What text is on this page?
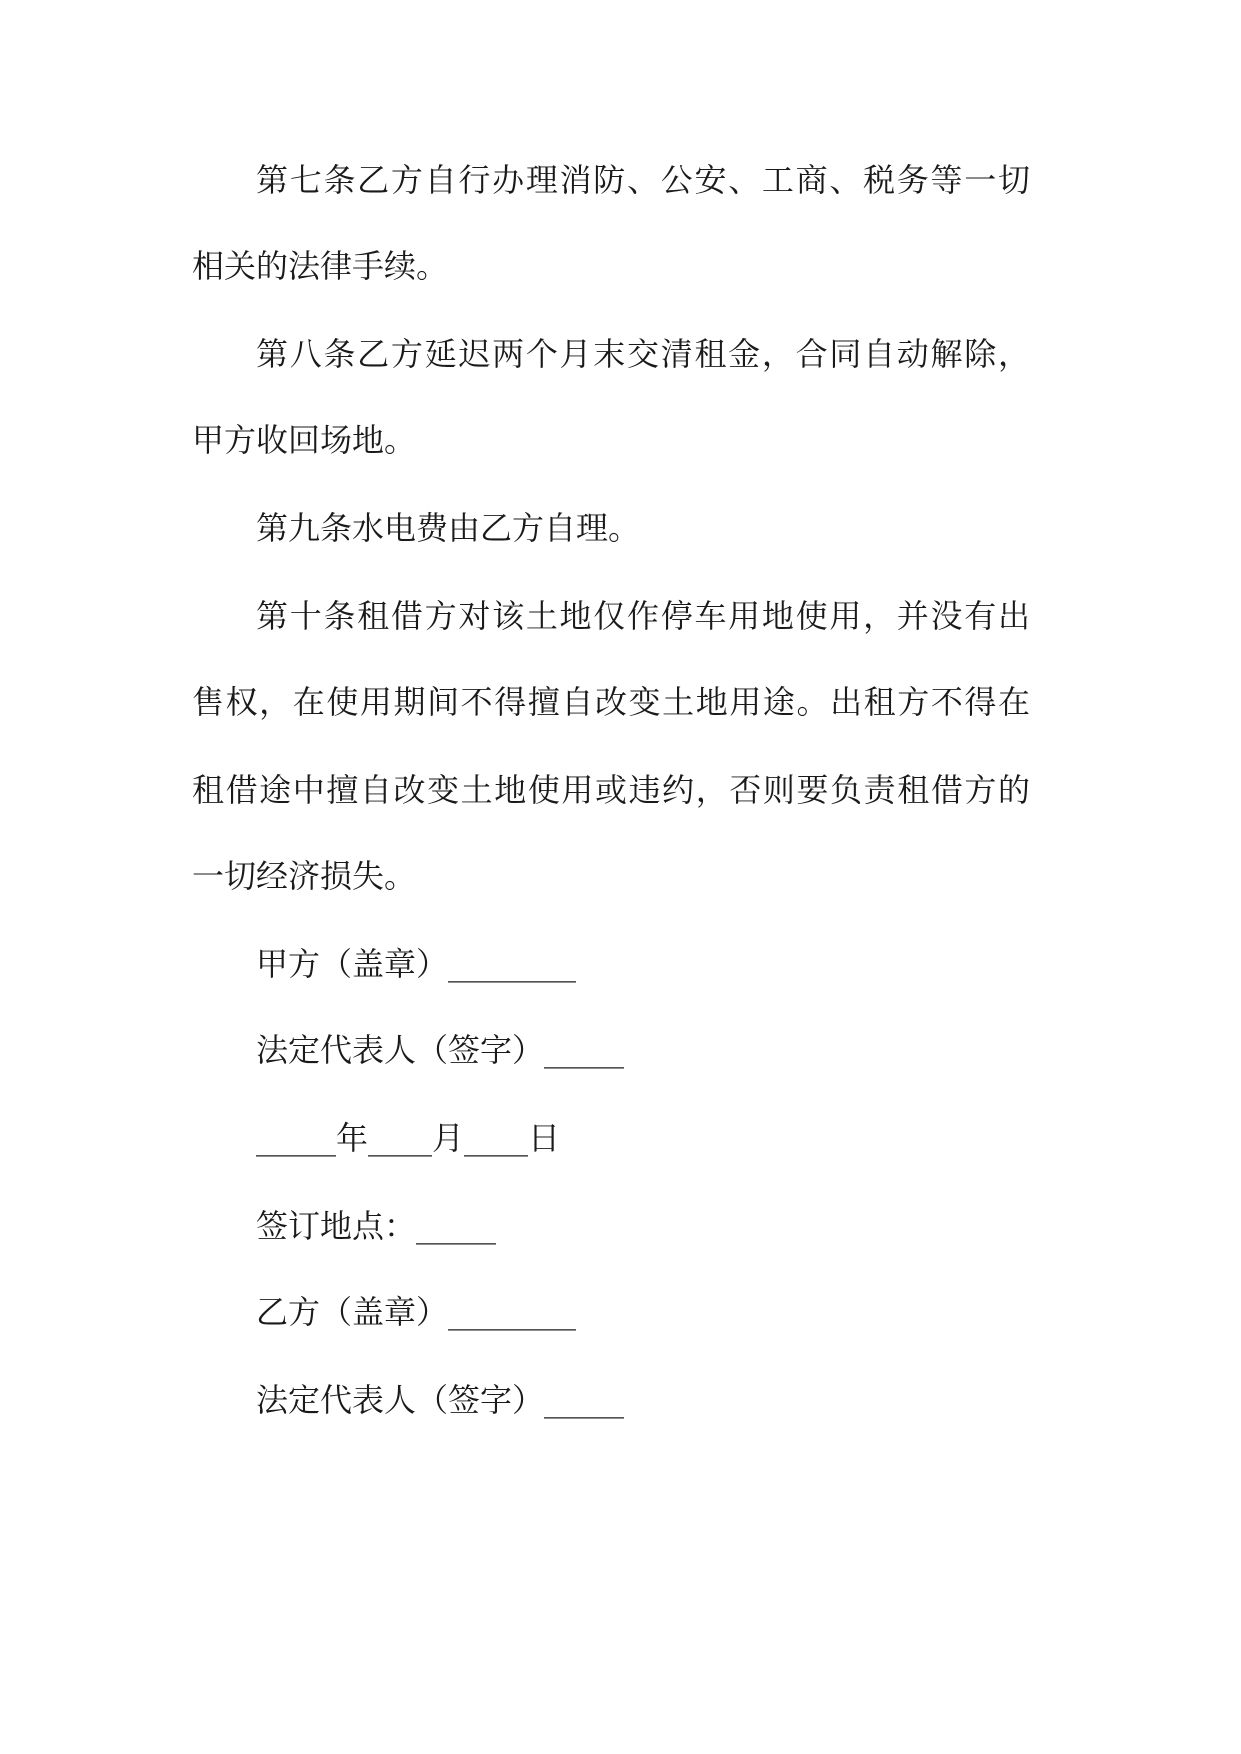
第七条乙方自行办理消防、公安、工商、税务等一切
相关的法律手续。
第八条乙方延迟两个月末交清租金，合同自动解除，
甲方收回场地。
第九条水电费由乙方自理。
第十条租借方对该土地仅作停车用地使用，并没有出
售权，在使用期间不得擅自改变土地用途。出租方不得在
租借途中擅自改变土地使用或违约，否则要负责租借方的
一切经济损失。
甲方（盖章）________
法定代表人（签字）_____
_____年____月____日
签订地点：_____
乙方（盖章）________
法定代表人（签字）_____
